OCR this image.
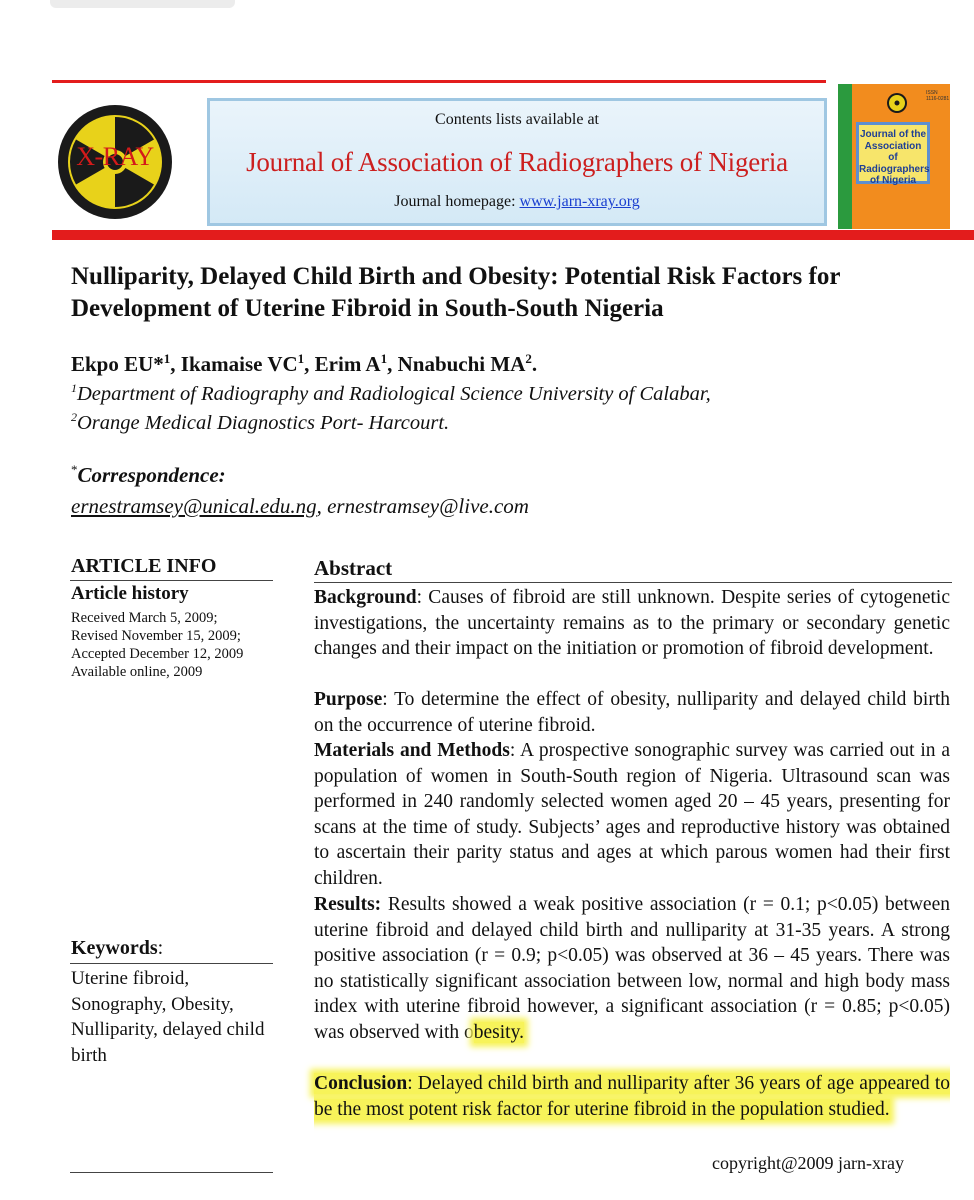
X-RAY
Contents lists available at
Journal of Association of Radiographers of Nigeria
Journal homepage: www.jarn-xray.org
ISSN 1116-0281
Journal of the
Association of
Radiographers
of Nigeria
Nulliparity, Delayed Child Birth and Obesity: Potential Risk Factors for Development of Uterine Fibroid in South-South Nigeria
Ekpo EU*$^1$, Ikamaise $VC^1$, Erim $A^1$, Nnabuchi $MA^2$.
$^1$Department of Radiography and Radiological Science University of Calabar,
$^2$Orange Medical Diagnostics Port- Harcourt.
*Correspondence:
ernestramsey@unical.edu.ng, ernestramsey@live.com
ARTICLE INFO
Article history
Received March 5, 2009;
Revised November 15, 2009;
Accepted December 12, 2009
Available online, 2009
Keywords:
Uterine fibroid, Sonography, Obesity, Nulliparity, delayed child birth
Abstract
Background: Causes of fibroid are still unknown. Despite series of cytogenetic investigations, the uncertainty remains as to the primary or secondary genetic changes and their impact on the initiation or promotion of fibroid development.
Purpose: To determine the effect of obesity, nulliparity and delayed child birth on the occurrence of uterine fibroid.
Materials and Methods: A prospective sonographic survey was carried out in a population of women in South-South region of Nigeria. Ultrasound scan was performed in 240 randomly selected women aged 20 – 45 years, presenting for scans at the time of study. Subjects’ ages and reproductive history was obtained to ascertain their parity status and ages at which parous women had their first children.
Results: Results showed a weak positive association (r = 0.1; p<0.05) between uterine fibroid and delayed child birth and nulliparity at 31-35 years. A strong positive association (r = 0.9; p<0.05) was observed at 36 – 45 years. There was no statistically significant association between low, normal and high body mass index with uterine fibroid however, a significant association (r = 0.85; p<0.05) was observed with obesity.
Conclusion: Delayed child birth and nulliparity after 36 years of age appeared to be the most potent risk factor for uterine fibroid in the population studied.
copyright@2009 jarn-xray
